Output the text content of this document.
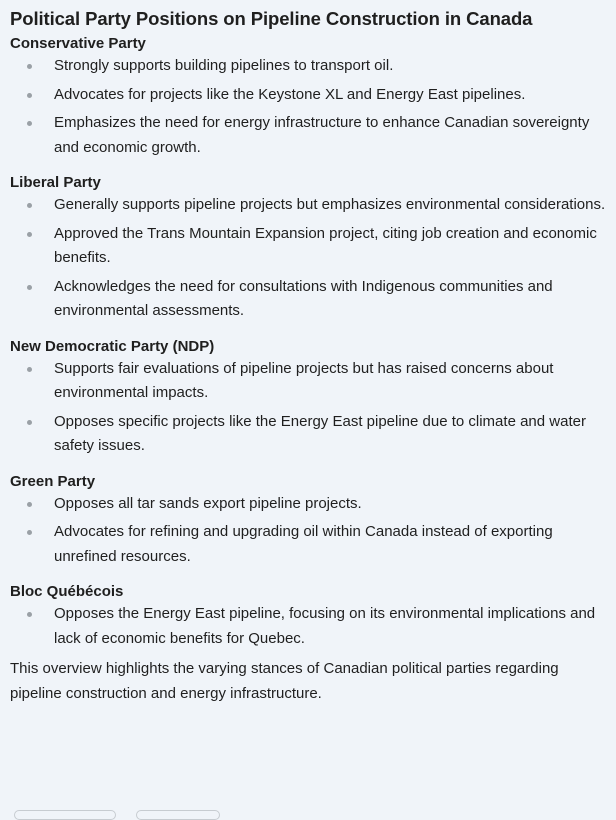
Political Party Positions on Pipeline Construction in Canada
Conservative Party
Strongly supports building pipelines to transport oil.
Advocates for projects like the Keystone XL and Energy East pipelines.
Emphasizes the need for energy infrastructure to enhance Canadian sovereignty and economic growth.
Liberal Party
Generally supports pipeline projects but emphasizes environmental considerations.
Approved the Trans Mountain Expansion project, citing job creation and economic benefits.
Acknowledges the need for consultations with Indigenous communities and environmental assessments.
New Democratic Party (NDP)
Supports fair evaluations of pipeline projects but has raised concerns about environmental impacts.
Opposes specific projects like the Energy East pipeline due to climate and water safety issues.
Green Party
Opposes all tar sands export pipeline projects.
Advocates for refining and upgrading oil within Canada instead of exporting unrefined resources.
Bloc Québécois
Opposes the Energy East pipeline, focusing on its environmental implications and lack of economic benefits for Quebec.

This overview highlights the varying stances of Canadian political parties regarding pipeline construction and energy infrastructure.
